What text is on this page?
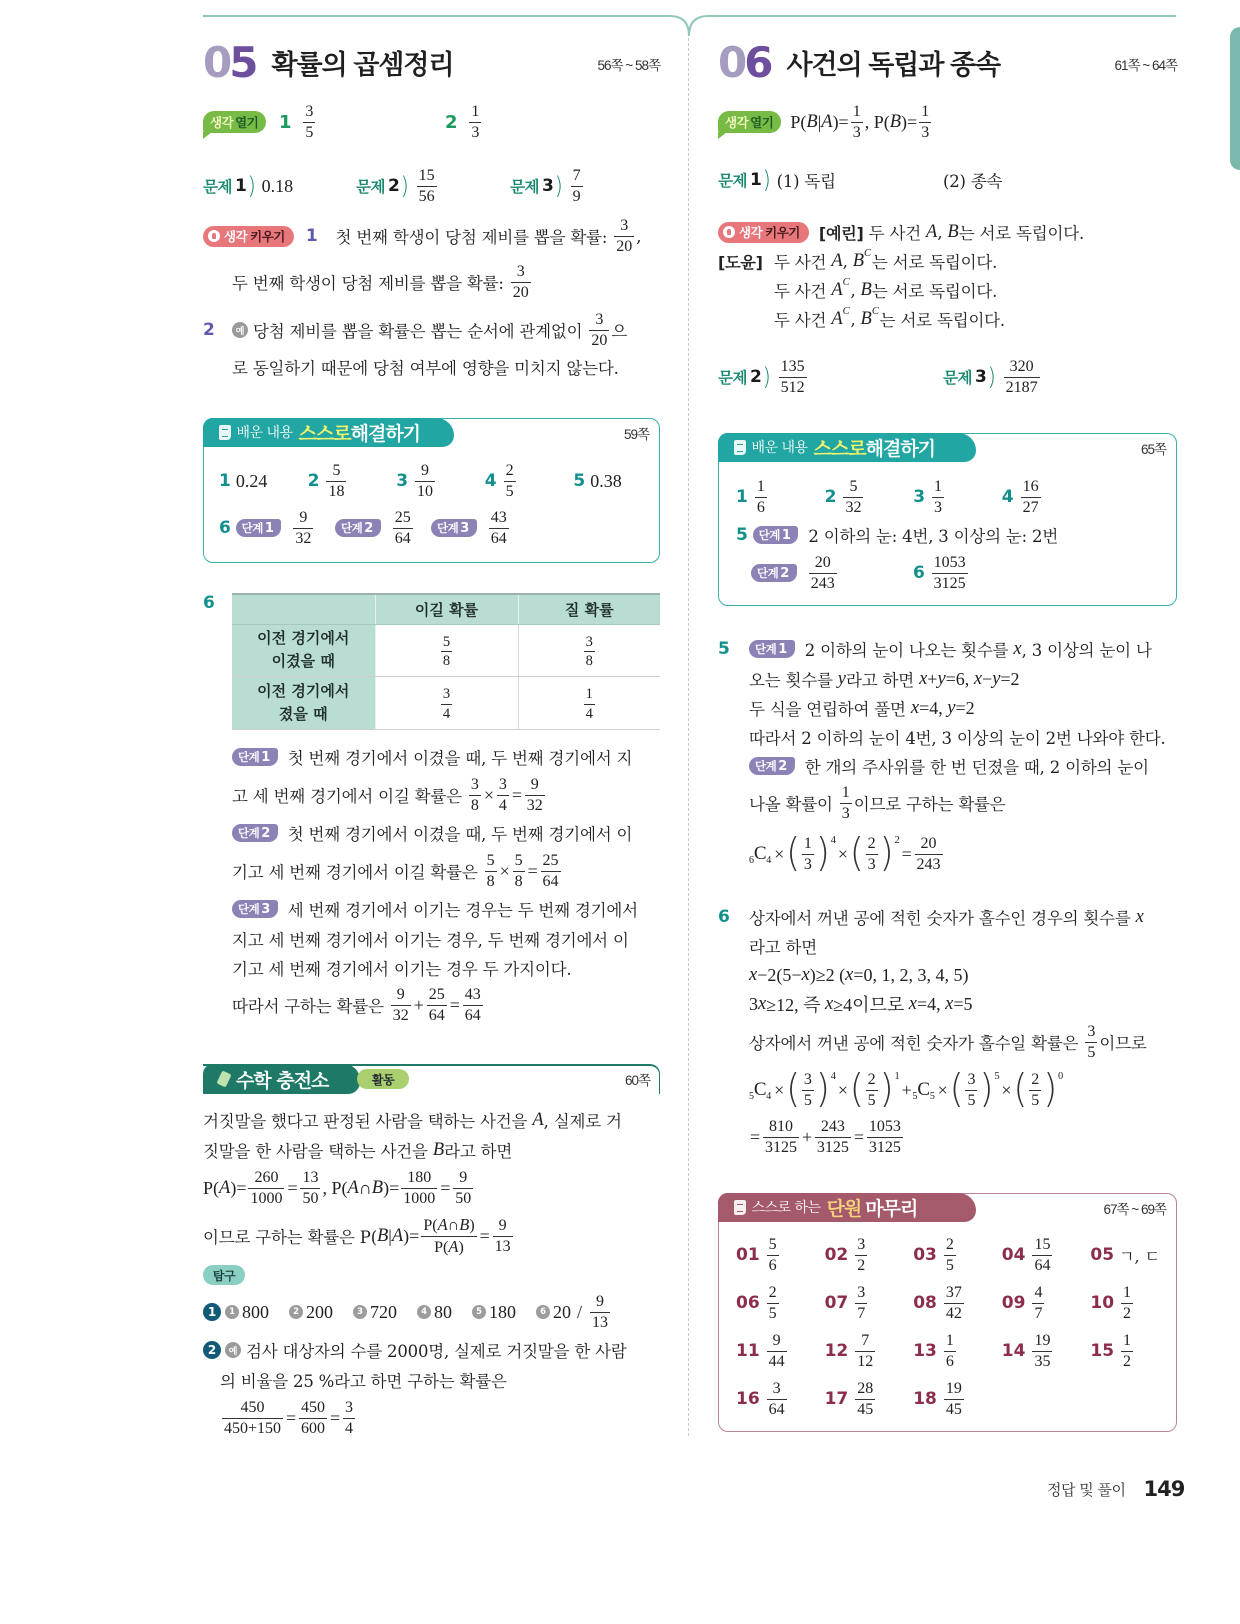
0 5 확률의 곱셈정리	56쪽 ~ 58쪽
생각 열기 $1 \frac{3}{5}$	$2 \frac{1}{3}$
문제 1 ) 0.18	문제 2 ) $\frac{15}{56}$	문제 3 ) $\frac{7}{9}$
생각 키우기 1 첫 번째 학생이 당첨 제비를 뽑을 확률: $\frac{3}{20}$ ,
두 번째 학생이 당첨 제비를 뽑을 확률: $\frac{3}{20}$
2	예 당첨 제비를 뽑을 확률은 뽑는 순서에 관계없이 $\frac{3}{20}$ 으
로 동일하기 때문에 당첨 여부에 영향을 미치지 않는다.
배운 내용 스스로 해결하기	59쪽
1 0.24 $2 \frac{5}{18}$	$3 \frac{9}{10}$	$4 \frac{2}{5}$	5 0.38
6 단계 $1 \frac{9}{32}$ 단계 $2 \frac{25}{64}$ 단계 $3 \frac{43}{64}$
6
		이길 확률	질 확률

이전 경기에서
이겼을 때	$\frac{5}{8}$	$\frac{3}{8}$

이전 경기에서
졌을 때	$\frac{3}{4}$	$\frac{1}{4}$
단계 1 첫 번째 경기에서 이겼을 때, 두 번째 경기에서 지
고 세 번째 경기에서 이길 확률은 $\frac{3}{8} \times \frac{3}{4} = \frac{9}{32}$
단계 2 첫 번째 경기에서 이겼을 때, 두 번째 경기에서 이
기고 세 번째 경기에서 이길 확률은 $\frac{5}{8} \times \frac{5}{8} = \frac{25}{64}$
단계 3 세 번째 경기에서 이기는 경우는 두 번째 경기에서
지고 세 번째 경기에서 이기는 경우, 두 번째 경기에서 이
기고 세 번째 경기에서 이기는 경우 두 가지이다.
따라서 구하는 확률은 $\frac{9}{32} + \frac{25}{64} = \frac{43}{64}$
수학
충전소	활동	60쪽
거짓말을 했다고 판정된 사람을 택하는 사건을 A , 실제로 거
짓말을 한 사람을 택하는 사건을 B 라고 하면
P( A )= $\frac{260}{1000} = \frac{13}{50}$ , P( A ∩ B )= $\frac{180}{1000} = \frac{9}{50}$
이므로 구하는 확률은 P( B | A )= $\frac{P( A \cap B )}{P( A )} = \frac{9}{13}$
탐구
1	1 800	2 200	3 720	4 80	5 180	6 $20 / \frac{9}{13}$
2	예 검사 대상자의 수를 2000명, 실제로 거짓말을 한 사람
의 비율을 25 %라고 하면 구하는 확률은
$\frac{450}{450+150} = \frac{450}{600} = \frac{3}{4}$
0 6 사건의 독립과 종속	61쪽 ~ 64쪽
생각 열기 P( B | A )= $\frac{1}{3}$ , P( B )= $\frac{1}{3}$
문제 1 ) (1) 독립	(2) 종속
생각 키우기 [예린] 두 사건 A , B 는 서로 독립이다.
[도윤] 두 사건 A , B C 는 서로 독립이다.
두 사건 A C , B 는 서로 독립이다.
두 사건 A C , B C 는 서로 독립이다.
문제 2 ) $\frac{135}{512}$	문제 3 ) $\frac{320}{2187}$
배운 내용 스스로 해결하기	65쪽
$1 \frac{1}{6}$	$2 \frac{5}{32}$	$3 \frac{1}{3}$	$4 \frac{16}{27}$
5 단계 1 2 이하의 눈: 4번, 3 이상의 눈: 2번
단계 $2 \frac{20}{243}$	$6 \frac{1053}{3125}$
5	단계 1 2 이하의 눈이 나오는 횟수를 x , 3 이상의 눈이 나
오는 횟수를 y 라고 하면 x + y =6, x − y =2
두 식을 연립하여 풀면 x =4, y =2
따라서 2 이하의 눈이 4번, 3 이상의 눈이 2번 나와야 한다.
단계 2 한 개의 주사위를 한 번 던졌을 때, 2 이하의 눈이
나올 확률이 $\frac{1}{3}$ 이므로 구하는 확률은
6 C 4 × ( $\frac{1}{3}$ ) 4
× ( $\frac{2}{3}$ ) 2
= $\frac{20}{243}$
6	상자에서 꺼낸 공에 적힌 숫자가 홀수인 경우의 횟수를 x
라고 하면
x −2(5− x )≥2 ( x =0, 1, 2, 3, 4, 5)
3 x ≥12, 즉 x ≥4이므로 x =4, x =5
상자에서 꺼낸 공에 적힌 숫자가 홀수일 확률은 $\frac{3}{5}$ 이므로
5 C 4 × ( $\frac{3}{5}$ ) 4
× ( $\frac{2}{5}$ ) 1
+ 5 C 5 × ( $\frac{3}{5}$ ) 5
× ( $\frac{2}{5}$ ) 0
= $\frac{810}{3125} + \frac{243}{3125} = \frac{1053}{3125}$
스스로 하는 단원 마무리	67쪽 ~ 69쪽
$01 \frac{5}{6}$	$02 \frac{3}{2}$	$03 \frac{2}{5}$	$04 \frac{15}{64} 05$ ㄱ, ㄷ
$06 \frac{2}{5}$	$07 \frac{3}{7}$	$08 \frac{37}{42} 09 \frac{4}{7}$	$10 \frac{1}{2}$
$11 \frac{9}{44} 12 \frac{7}{12} 13 \frac{1}{6}$	$14 \frac{19}{35} 15 \frac{1}{2}$
$16 \frac{3}{64} 17 \frac{28}{45} 18 \frac{19}{45}$
정답 및 풀이 149
